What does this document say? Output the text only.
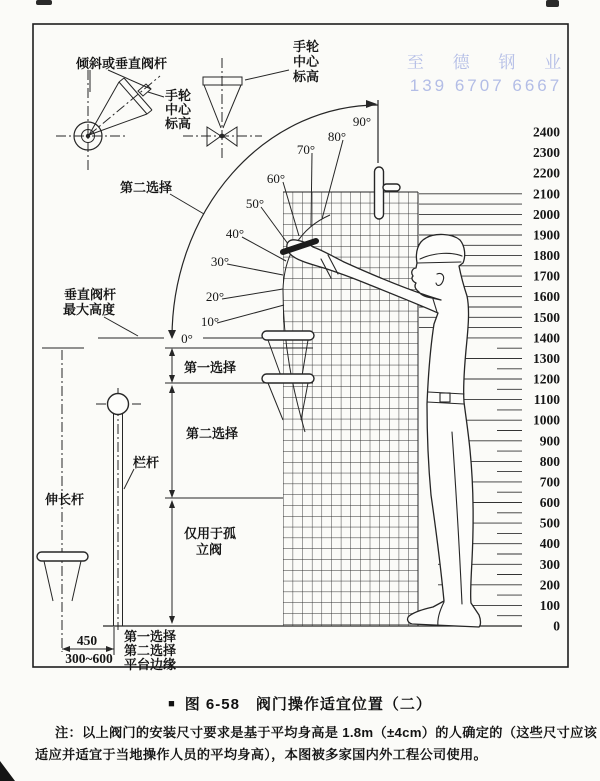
至 德 钢 业
139 6707 6667
2400
2300
2200
2100
2000
1900
1800
1700
1600
1500
1400
1300
1200
1100
1000
900
800
700
600
500
400
300
200
100
0
90°
80°
70°
60°
50°
40°
30°
20°
10°
0°
倾斜或垂直阀杆
手轮
中心
标高
手轮
中心
标高
第二选择
垂直阀杆
最大高度
第一选择
第二选择
栏杆
伸长杆
仅用于孤
立阀
450
300~600
第一选择
第二选择
平台边缘
■ 图 6-58　阀门操作适宜位置（二）
注：以上阀门的安装尺寸要求是基于平均身高是 1.8m（±4cm）的人确定的（这些尺寸应该
适应并适宜于当地操作人员的平均身高），本图被多家国内外工程公司使用。
